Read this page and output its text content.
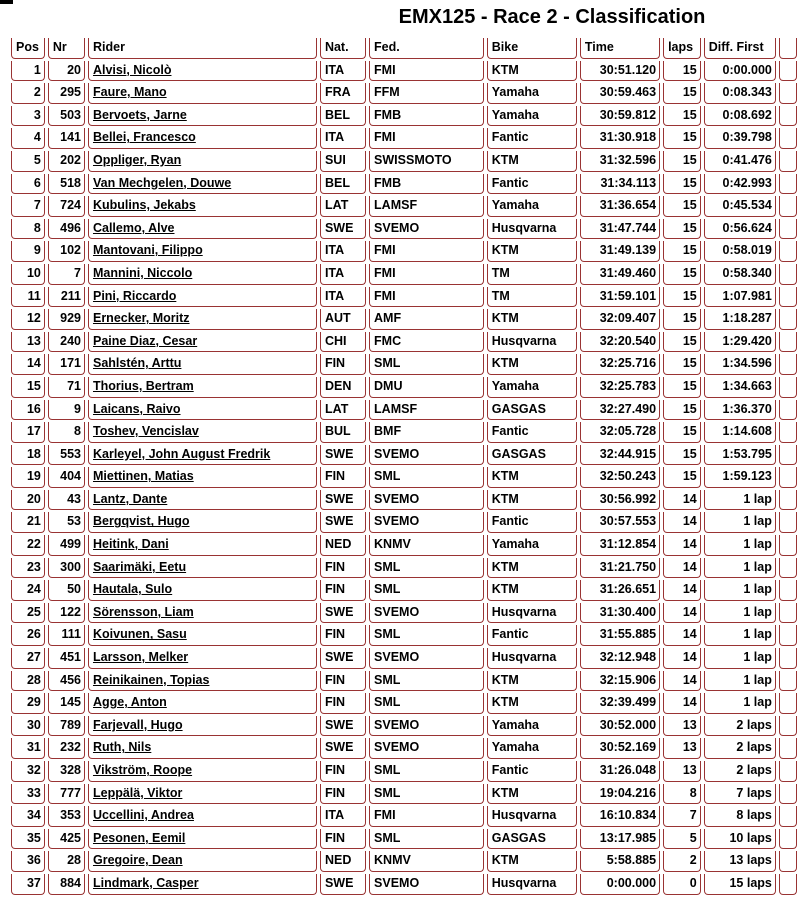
EMX125 - Race 2 - Classification
Pos	Nr	Rider	Nat.	Fed.	Bike	Time	laps	Diff. First	
1	20	Alvisi, Nicolò	ITA	FMI	KTM	30:51.120	15	0:00.000	
2	295	Faure, Mano	FRA	FFM	Yamaha	30:59.463	15	0:08.343	
3	503	Bervoets, Jarne	BEL	FMB	Yamaha	30:59.812	15	0:08.692	
4	141	Bellei, Francesco	ITA	FMI	Fantic	31:30.918	15	0:39.798	
5	202	Oppliger, Ryan	SUI	SWISSMOTO	KTM	31:32.596	15	0:41.476	
6	518	Van Mechgelen, Douwe	BEL	FMB	Fantic	31:34.113	15	0:42.993	
7	724	Kubulins, Jekabs	LAT	LAMSF	Yamaha	31:36.654	15	0:45.534	
8	496	Callemo, Alve	SWE	SVEMO	Husqvarna	31:47.744	15	0:56.624	
9	102	Mantovani, Filippo	ITA	FMI	KTM	31:49.139	15	0:58.019	
10	7	Mannini, Niccolo	ITA	FMI	TM	31:49.460	15	0:58.340	
11	211	Pini, Riccardo	ITA	FMI	TM	31:59.101	15	1:07.981	
12	929	Ernecker, Moritz	AUT	AMF	KTM	32:09.407	15	1:18.287	
13	240	Paine Diaz, Cesar	CHI	FMC	Husqvarna	32:20.540	15	1:29.420	
14	171	Sahlstén, Arttu	FIN	SML	KTM	32:25.716	15	1:34.596	
15	71	Thorius, Bertram	DEN	DMU	Yamaha	32:25.783	15	1:34.663	
16	9	Laicans, Raivo	LAT	LAMSF	GASGAS	32:27.490	15	1:36.370	
17	8	Toshev, Vencislav	BUL	BMF	Fantic	32:05.728	15	1:14.608	
18	553	Karleyel, John August Fredrik	SWE	SVEMO	GASGAS	32:44.915	15	1:53.795	
19	404	Miettinen, Matias	FIN	SML	KTM	32:50.243	15	1:59.123	
20	43	Lantz, Dante	SWE	SVEMO	KTM	30:56.992	14	1 lap	
21	53	Bergqvist, Hugo	SWE	SVEMO	Fantic	30:57.553	14	1 lap	
22	499	Heitink, Dani	NED	KNMV	Yamaha	31:12.854	14	1 lap	
23	300	Saarimäki, Eetu	FIN	SML	KTM	31:21.750	14	1 lap	
24	50	Hautala, Sulo	FIN	SML	KTM	31:26.651	14	1 lap	
25	122	Sörensson, Liam	SWE	SVEMO	Husqvarna	31:30.400	14	1 lap	
26	111	Koivunen, Sasu	FIN	SML	Fantic	31:55.885	14	1 lap	
27	451	Larsson, Melker	SWE	SVEMO	Husqvarna	32:12.948	14	1 lap	
28	456	Reinikainen, Topias	FIN	SML	KTM	32:15.906	14	1 lap	
29	145	Agge, Anton	FIN	SML	KTM	32:39.499	14	1 lap	
30	789	Farjevall, Hugo	SWE	SVEMO	Yamaha	30:52.000	13	2 laps	
31	232	Ruth, Nils	SWE	SVEMO	Yamaha	30:52.169	13	2 laps	
32	328	Vikström, Roope	FIN	SML	Fantic	31:26.048	13	2 laps	
33	777	Leppälä, Viktor	FIN	SML	KTM	19:04.216	8	7 laps	
34	353	Uccellini, Andrea	ITA	FMI	Husqvarna	16:10.834	7	8 laps	
35	425	Pesonen, Eemil	FIN	SML	GASGAS	13:17.985	5	10 laps	
36	28	Gregoire, Dean	NED	KNMV	KTM	5:58.885	2	13 laps	
37	884	Lindmark, Casper	SWE	SVEMO	Husqvarna	0:00.000	0	15 laps	
